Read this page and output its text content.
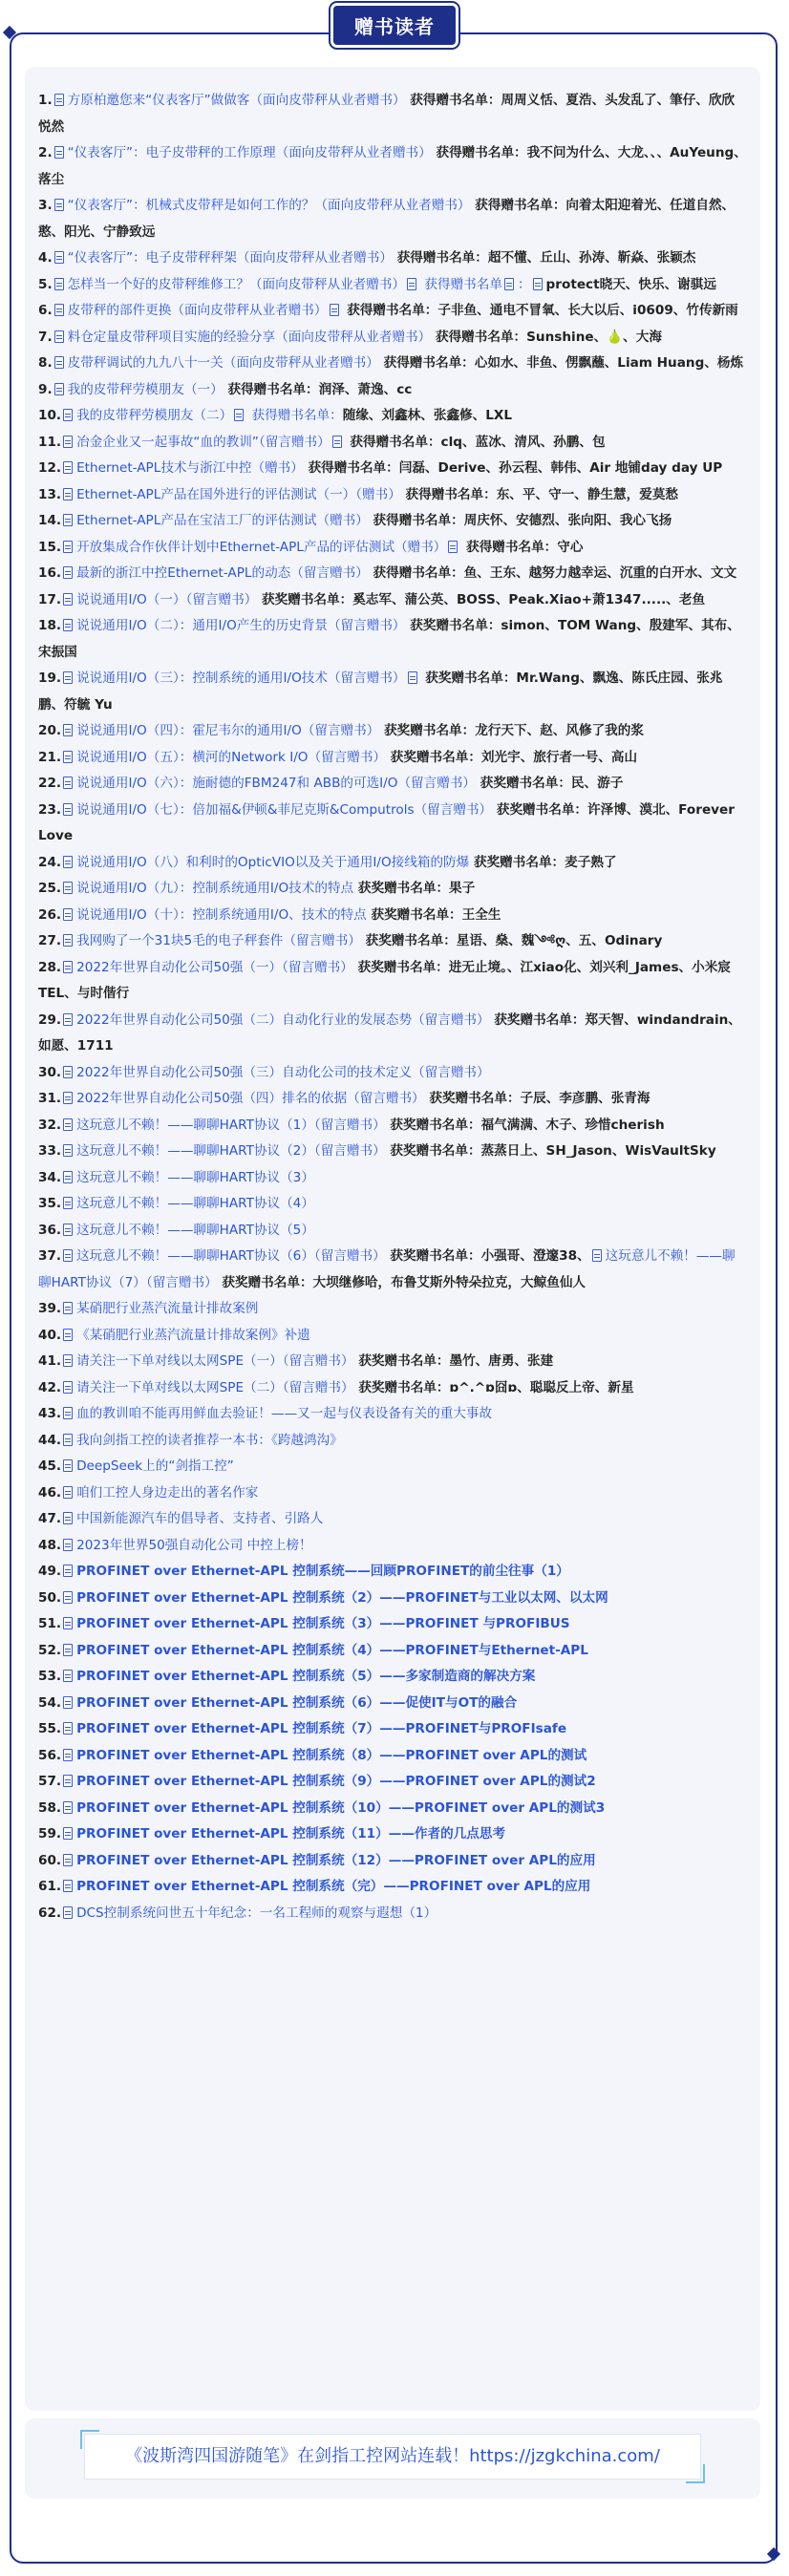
赠书读者

1. 方原柏邀您来“仪表客厅”做做客（面向皮带秤从业者赠书） 获得赠书名单：周周义恬、夏浩、头发乱了、筆仔、欣欣悦然

2. “仪表客厅”：电子皮带秤的工作原理（面向皮带秤从业者赠书） 获得赠书名单：我不问为什么、大龙、、、AuYeung、落尘

3. “仪表客厅”：机械式皮带秤是如何工作的？（面向皮带秤从业者赠书） 获得赠书名单：向着太阳迎着光、任道自然、憨、阳光、宁静致远

4. “仪表客厅”：电子皮带秤秤架（面向皮带秤从业者赠书） 获得赠书名单：超不懂、丘山、孙涛、靳焱、张颖杰

5. 怎样当一个好的皮带秤维修工？（面向皮带秤从业者赠书） 获得赠书名单 ： protect晓天、快乐、谢骐远

6. 皮带秤的部件更换（面向皮带秤从业者赠书） 获得赠书名单：子非鱼、通电不冒氧、长大以后、i0609、竹传新雨

7. 料仓定量皮带秤项目实施的经验分享（面向皮带秤从业者赠书） 获得赠书名单：Sunshine、🍐、大海

8. 皮带秤调试的九九八十一关（面向皮带秤从业者赠书） 获得赠书名单：心如水、非鱼、侽飘蘸、Liam Huang、杨炼

9. 我的皮带秤劳模朋友（一） 获得赠书名单：润泽、萧逸、cc

10. 我的皮带秤劳模朋友（二） 获得赠书名单：随缘、刘鑫林、张鑫修、LXL

11. 冶金企业又一起事故“血的教训”（留言赠书） 获得赠书名单：clq、蓝冰、清风、孙鹏、包

12. Ethernet-APL技术与浙江中控（赠书） 获得赠书名单：闫磊、Derive、孙云程、韩伟、Air 地铺day day UP

13. Ethernet-APL产品在国外进行的评估测试（一）（赠书） 获得赠书名单：东、平、守一、静生慧，爱莫愁

14. Ethernet-APL产品在宝洁工厂的评估测试（赠书） 获得赠书名单：周庆怀、安德烈、张向阳、我心飞扬

15. 开放集成合作伙伴计划中Ethernet-APL产品的评估测试（赠书） 获得赠书名单：守心

16. 最新的浙江中控Ethernet-APL的动态（留言赠书） 获得赠书名单：鱼、王东、越努力越幸运、沉重的白开水、文文

17. 说说通用I/O（一）（留言赠书） 获奖赠书名单：奚志军、蒲公英、BOSS、Peak.Xiao+萧1347.....、老鱼

18. 说说通用I/O（二）：通用I/O产生的历史背景（留言赠书） 获奖赠书名单：simon、TOM Wang、殷建军、其布、宋振国

19. 说说通用I/O（三）：控制系统的通用I/O技术（留言赠书） 获奖赠书名单：Mr.Wang、飘逸、陈氏庄园、张兆鹏、符毓 Yu

20. 说说通用I/O（四）：霍尼韦尔的通用I/O（留言赠书） 获奖赠书名单：龙行天下、赵、风修了我的浆

21. 说说通用I/O（五）：横河的Network I/O（留言赠书） 获奖赠书名单：刘光宇、旅行者一号、高山

22. 说说通用I/O（六）：施耐德的FBM247和 ABB的可选I/O（留言赠书） 获奖赠书名单：民、游子

23. 说说通用I/O（七）：倍加福&伊顿&菲尼克斯&Computrols（留言赠书） 获奖赠书名单：许泽博、漠北、Forever Love

24. 说说通用I/O（八）和利时的OpticVIO以及关于通用I/O接线箱的防爆 获奖赠书名单：麦子熟了

25. 说说通用I/O（九）：控制系统通用I/O技术的特点 获奖赠书名单：果子

26. 说说通用I/O（十）：控制系统通用I/O、技术的特点 获奖赠书名单：王全生

27. 我网购了一个31块5毛的电子秤套件（留言赠书） 获奖赠书名单：星语、燊、魏༺ღ、五、Odinary

28. 2022年世界自动化公司50强（一）（留言赠书） 获奖赠书名单：进无止境。、江xiao化、刘兴利_James、小米宸TEL、与时偕行

29. 2022年世界自动化公司50强（二）自动化行业的发展态势（留言赠书） 获奖赠书名单：郑天智、windandrain、如愿、1711

30. 2022年世界自动化公司50强（三）自动化公司的技术定义（留言赠书）

31. 2022年世界自动化公司50强（四）排名的依据（留言赠书） 获奖赠书名单：子辰、李彦鹏、张青海

32. 这玩意儿不赖！——聊聊HART协议（1）（留言赠书） 获奖赠书名单：福气满满、木子、珍惜cherish

33. 这玩意儿不赖！——聊聊HART协议（2）（留言赠书） 获奖赠书名单：蒸蒸日上、SH_Jason、WisVaultSky

34. 这玩意儿不赖！——聊聊HART协议（3）

35. 这玩意儿不赖！——聊聊HART协议（4）

36. 这玩意儿不赖！——聊聊HART协议（5）

37. 这玩意儿不赖！——聊聊HART协议（6）（留言赠书） 获奖赠书名单：小强哥、澄邃38、 这玩意儿不赖！——聊聊HART协议（7）（留言赠书） 获奖赠书名单：大坝继修哈，布鲁艾斯外特朵拉克，大鲸鱼仙人

39. 某硝肥行业蒸汽流量计排故案例

40. 《某硝肥行业蒸汽流量计排故案例》补遗

41. 请关注一下单对线以太网SPE（一）（留言赠书） 获奖赠书名单：墨竹、唐勇、张建

42. 请关注一下单对线以太网SPE（二）（留言赠书） 获奖赠书名单：ɒ^.^ɒ囧ɒ、聪聪反上帝、新星

43. 血的教训咱不能再用鲜血去验证！——又一起与仪表设备有关的重大事故

44. 我向剑指工控的读者推荐一本书：《跨越鸿沟》

45. DeepSeek上的“剑指工控”

46. 咱们工控人身边走出的著名作家

47. 中国新能源汽车的倡导者、支持者、引路人

48. 2023年世界50强自动化公司 中控上榜！

49. PROFINET over Ethernet-APL 控制系统——回顾PROFINET的前尘往事（1）

50. PROFINET over Ethernet-APL 控制系统（2）——PROFINET与工业以太网、以太网

51. PROFINET over Ethernet-APL 控制系统（3）——PROFINET 与PROFIBUS

52. PROFINET over Ethernet-APL 控制系统（4）——PROFINET与Ethernet-APL

53. PROFINET over Ethernet-APL 控制系统（5）——多家制造商的解决方案

54. PROFINET over Ethernet-APL 控制系统（6）——促使IT与OT的融合

55. PROFINET over Ethernet-APL 控制系统（7）——PROFINET与PROFIsafe

56. PROFINET over Ethernet-APL 控制系统（8）——PROFINET over APL的测试

57. PROFINET over Ethernet-APL 控制系统（9）——PROFINET over APL的测试2

58. PROFINET over Ethernet-APL 控制系统（10）——PROFINET over APL的测试3

59. PROFINET over Ethernet-APL 控制系统（11）——作者的几点思考

60. PROFINET over Ethernet-APL 控制系统（12）——PROFINET over APL的应用

61. PROFINET over Ethernet-APL 控制系统（完）——PROFINET over APL的应用

62. DCS控制系统问世五十年纪念：一名工程师的观察与遐想（1）

《波斯湾四国游随笔》在剑指工控网站连载！https://jzgkchina.com/
